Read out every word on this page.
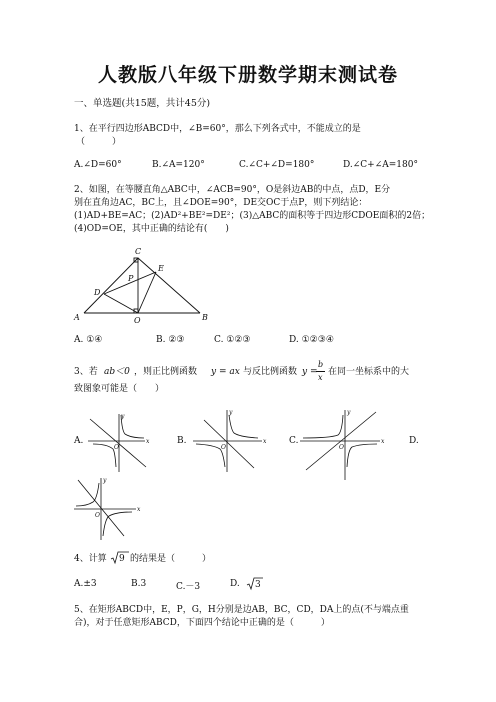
人教版八年级下册数学期末测试卷
一、单选题(共15题，共计45分)
1、在平行四边形ABCD中，∠B=60°，那么下列各式中，不能成立的是
（　　　）
A.∠D=60°	B.∠A=120°	C.∠C+∠D=180°	D.∠C+∠A=180°
2、如图，在等腰直角△ABC中，∠ACB=90°，O是斜边AB的中点，点D，E分
别在直角边AC，BC上，且∠DOE=90°，DE交OC于点P，则下列结论：
(1)AD+BE=AC；(2)AD²+BE²=DE²；(3)△ABC的面积等于四边形CDOE面积的2倍；
(4)OD=OE，其中正确的结论有(　　)
C
E
P
D
A	O	B
A. ①④	B. ②③	C. ①②③	D. ①②③④
3、若 ab＜0 ，则正比例函数 y = ax 与反比例函数 y =
b
x
在同一坐标系中的大
致图象可能是（　　）
A.	B.	C.	D.
y
x
O
y
x
O
y
x
O
y
x
O
4、计算 9 的结果是（　　　）
A.±3	B.3	C.－3	D. 3
5、在矩形ABCD中，E，P，G，H分别是边AB，BC，CD，DA上的点(不与端点重
合)，对于任意矩形ABCD，下面四个结论中正确的是（　　　）
